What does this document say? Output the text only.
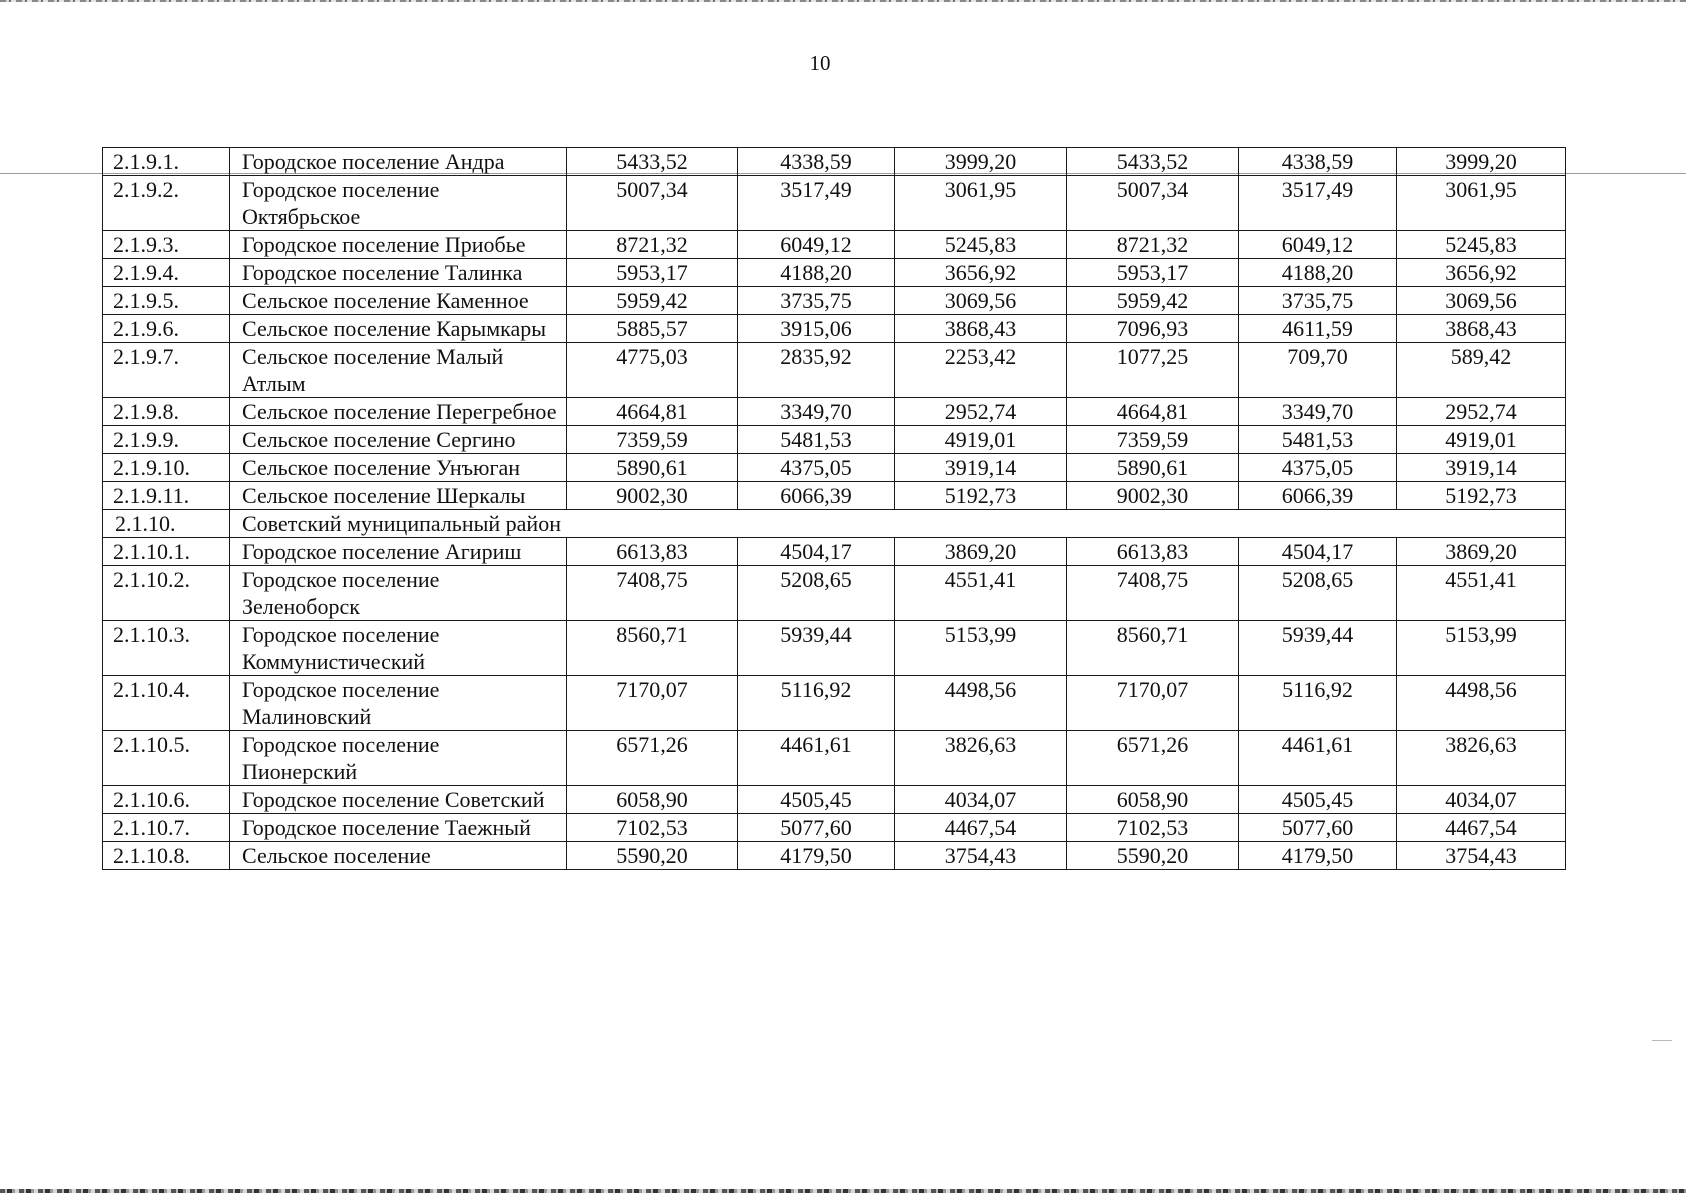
10
2.1.9.1.	Городское поселение Андра	5433,52	4338,59	3999,20	5433,52	4338,59	3999,20
2.1.9.2.	Городское поселение Октябрьское	5007,34	3517,49	3061,95	5007,34	3517,49	3061,95
2.1.9.3.	Городское поселение Приобье	8721,32	6049,12	5245,83	8721,32	6049,12	5245,83
2.1.9.4.	Городское поселение Талинка	5953,17	4188,20	3656,92	5953,17	4188,20	3656,92
2.1.9.5.	Сельское поселение Каменное	5959,42	3735,75	3069,56	5959,42	3735,75	3069,56
2.1.9.6.	Сельское поселение Карымкары	5885,57	3915,06	3868,43	7096,93	4611,59	3868,43
2.1.9.7.	Сельское поселение Малый Атлым	4775,03	2835,92	2253,42	1077,25	709,70	589,42
2.1.9.8.	Сельское поселение Перегребное	4664,81	3349,70	2952,74	4664,81	3349,70	2952,74
2.1.9.9.	Сельское поселение Сергино	7359,59	5481,53	4919,01	7359,59	5481,53	4919,01
2.1.9.10.	Сельское поселение Унъюган	5890,61	4375,05	3919,14	5890,61	4375,05	3919,14
2.1.9.11.	Сельское поселение Шеркалы	9002,30	6066,39	5192,73	9002,30	6066,39	5192,73
2.1.10.	Советский муниципальный район						
2.1.10.1.	Городское поселение Агириш	6613,83	4504,17	3869,20	6613,83	4504,17	3869,20
2.1.10.2.	Городское поселение Зеленоборск	7408,75	5208,65	4551,41	7408,75	5208,65	4551,41
2.1.10.3.	Городское поселение Коммунистический	8560,71	5939,44	5153,99	8560,71	5939,44	5153,99
2.1.10.4.	Городское поселение Малиновский	7170,07	5116,92	4498,56	7170,07	5116,92	4498,56
2.1.10.5.	Городское поселение Пионерский	6571,26	4461,61	3826,63	6571,26	4461,61	3826,63
2.1.10.6.	Городское поселение Советский	6058,90	4505,45	4034,07	6058,90	4505,45	4034,07
2.1.10.7.	Городское поселение Таежный	7102,53	5077,60	4467,54	7102,53	5077,60	4467,54
2.1.10.8.	Сельское поселение	5590,20	4179,50	3754,43	5590,20	4179,50	3754,43
